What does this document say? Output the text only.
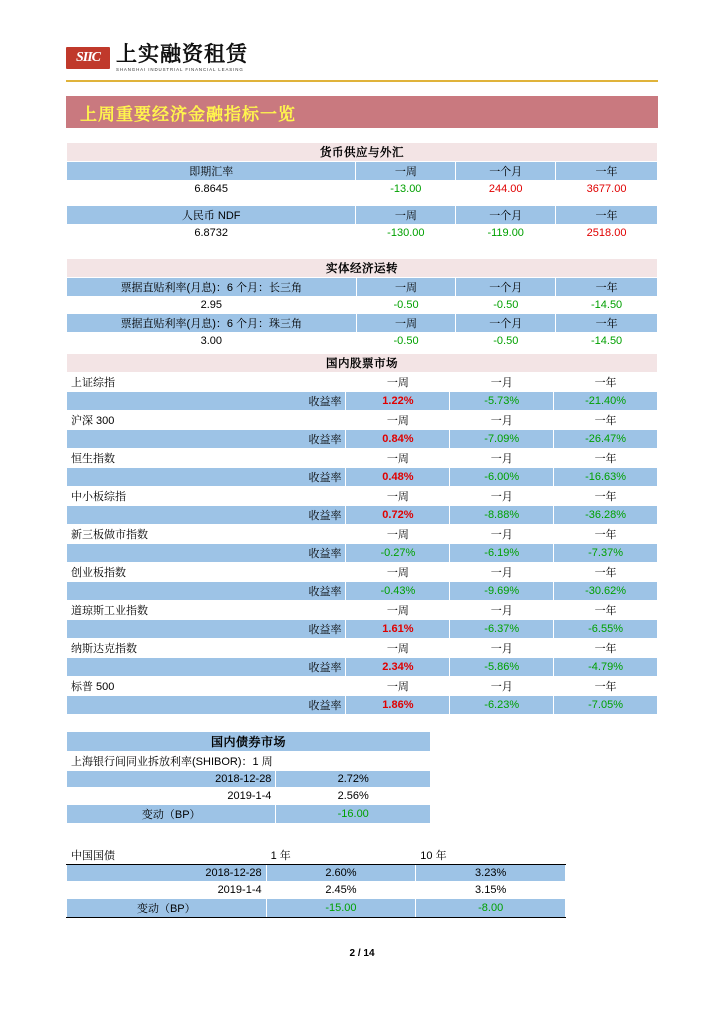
SIIC 上实融资租赁
SHANGHAI INDUSTRIAL FINANCIAL LEASING
上周重要经济金融指标一览
货币供应与外汇			
即期汇率	一周	一个月	一年
6.8645	-13.00	244.00	3677.00

人民币 NDF	一周	一个月	一年
6.8732	-130.00	-119.00	2518.00
实体经济运转			
票据直贴利率(月息)：6 个月：长三角	一周	一个月	一年
2.95	-0.50	-0.50	-14.50
票据直贴利率(月息)：6 个月：珠三角	一周	一个月	一年
3.00	-0.50	-0.50	-14.50
国内股票市场			
上证综指	一周	一月	一年
收益率	1.22%	-5.73%	-21.40%
沪深 300	一周	一月	一年
收益率	0.84%	-7.09%	-26.47%
恒生指数	一周	一月	一年
收益率	0.48%	-6.00%	-16.63%
中小板综指	一周	一月	一年
收益率	0.72%	-8.88%	-36.28%
新三板做市指数	一周	一月	一年
收益率	-0.27%	-6.19%	-7.37%
创业板指数	一周	一月	一年
收益率	-0.43%	-9.69%	-30.62%
道琼斯工业指数	一周	一月	一年
收益率	1.61%	-6.37%	-6.55%
纳斯达克指数	一周	一月	一年
收益率	2.34%	-5.86%	-4.79%
标普 500	一周	一月	一年
收益率	1.86%	-6.23%	-7.05%
国内债券市场	
上海银行间同业拆放利率(SHIBOR)：1 周	
2018-12-28	2.72%
2019-1-4	2.56%
变动（BP）	-16.00
中国国债	1 年	10 年
2018-12-28	2.60%	3.23%
2019-1-4	2.45%	3.15%
变动（BP）	-15.00	-8.00
2 / 14
